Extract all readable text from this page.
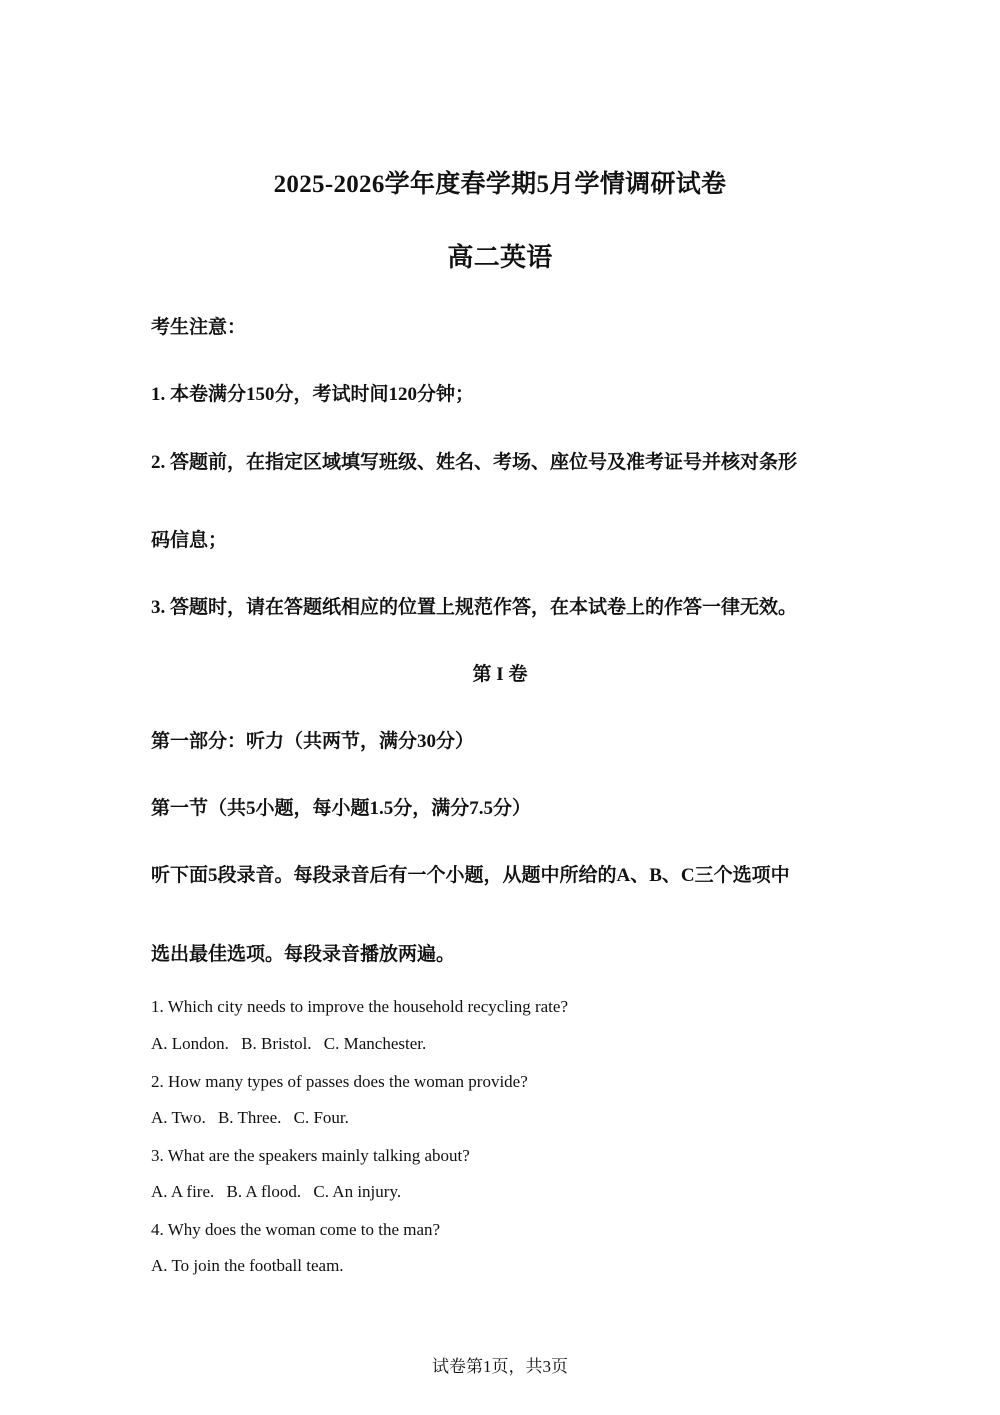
2025-2026学年度春学期5月学情调研试卷
高二英语
考生注意：
1. 本卷满分150分，考试时间120分钟；
2. 答题前，在指定区域填写班级、姓名、考场、座位号及准考证号并核对条形
码信息；
3. 答题时，请在答题纸相应的位置上规范作答，在本试卷上的作答一律无效。
第 I 卷
第一部分：听力（共两节，满分30分）
第一节（共5小题，每小题1.5分，满分7.5分）
听下面5段录音。每段录音后有一个小题，从题中所给的A、B、C三个选项中
选出最佳选项。每段录音播放两遍。
1. Which city needs to improve the household recycling rate?
A. London. B. Bristol. C. Manchester.
2. How many types of passes does the woman provide?
A. Two. B. Three. C. Four.
3. What are the speakers mainly talking about?
A. A fire. B. A flood. C. An injury.
4. Why does the woman come to the man?
A. To join the football team.
试卷第1页，共3页
